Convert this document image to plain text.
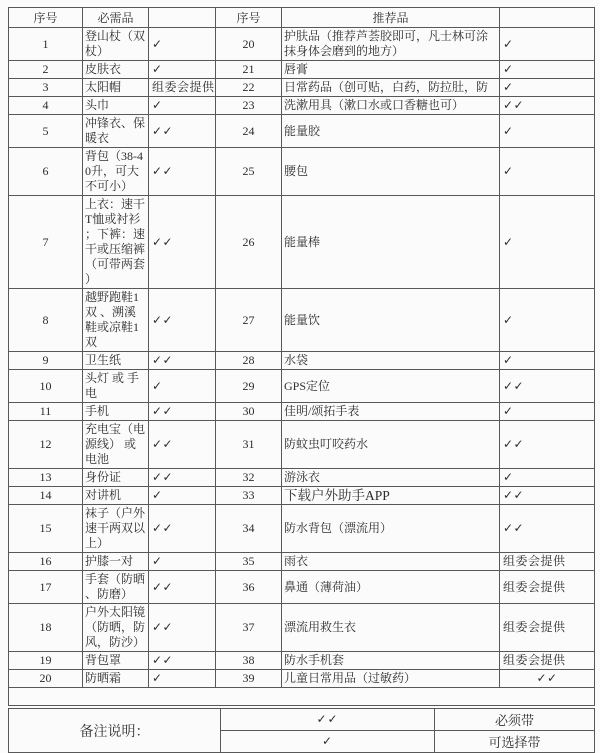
序号	必需品		序号	推荐品	
1	登山杖（双杖）	✓	20	护肤品（推荐芦荟胶即可，凡士林可涂抹身体会磨到的地方）	✓
2	皮肤衣	✓	21	唇膏	✓
3	太阳帽	组委会提供	22	日常药品（创可贴，白药，防拉肚，防	✓
4	头巾	✓	23	洗漱用具（漱口水或口香糖也可）	✓✓
5	冲锋衣、保暖衣	✓✓	24	能量胶	✓
6	背包（38-40升，可大不可小）	✓✓	25	腰包	✓
7	上衣：速干T恤或衬衫；下裤：速干或压缩裤（可带两套）	✓✓	26	能量棒	✓
8	越野跑鞋1双 、溯溪鞋或凉鞋1双	✓✓	27	能量饮	✓
9	卫生纸	✓✓	28	水袋	✓
10	头灯 或 手电	✓	29	GPS定位	✓✓
11	手机	✓✓	30	佳明/颂拓手表	✓
12	充电宝（电源线） 或电池	✓✓	31	防蚊虫叮咬药水	✓✓
13	身份证	✓✓	32	游泳衣	✓
14	对讲机	✓	33	下载户外助手APP	✓✓
15	袜子（户外速干两双以上）	✓✓	34	防水背包（漂流用）	✓✓
16	护膝一对	✓	35	雨衣	组委会提供
17	手套（防晒、防磨）	✓✓	36	鼻通（薄荷油）	组委会提供
18	户外太阳镜（防晒，防风，防沙）	✓✓	37	漂流用救生衣	组委会提供
19	背包罩	✓✓	38	防水手机套	组委会提供
20	防晒霜	✓	39	儿童日常用品（过敏药）	✓✓

备注说明：	✓✓	必须带
	✓	可选择带
